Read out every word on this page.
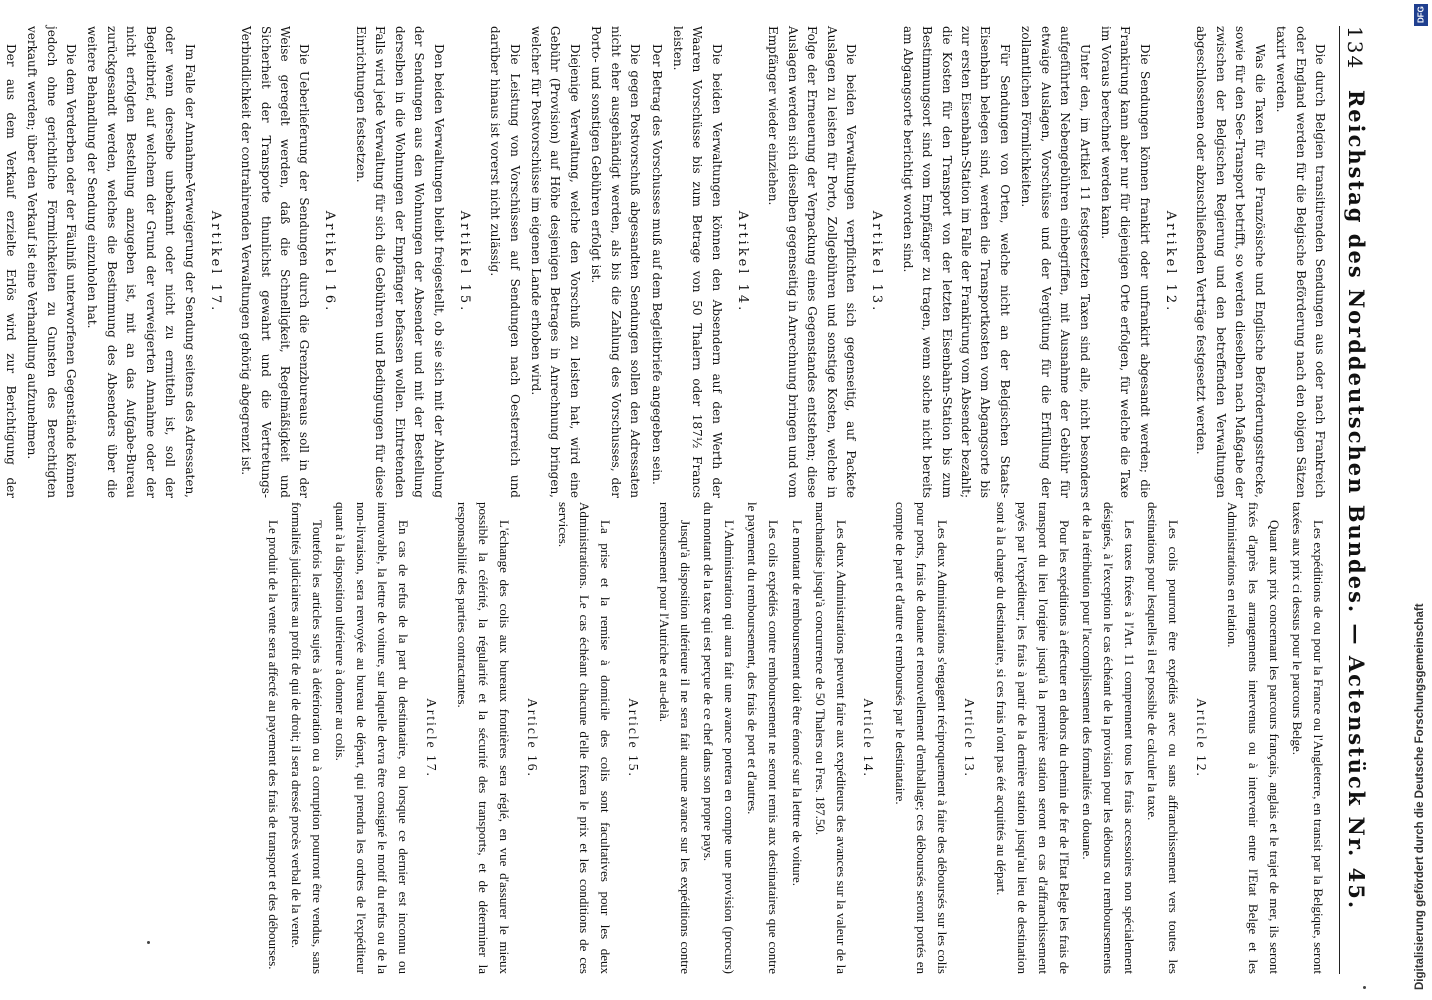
134
Reichstag des Norddeutschen Bundes. — Actenstück Nr. 45.

Die durch Belgien transitirenden Sendungen aus oder nach Frankreich oder England werden für die Belgische Beförderung nach den obigen Sätzen taxirt werden.

Was die Taxen für die Französische und Englische Beförderungsstrecke, sowie für den See-Transport betrifft, so werden dieselben nach Maßgabe der zwischen der Belgischen Regierung und den betreffenden Verwaltungen abgeschlossenen oder abzuschließenden Verträge festgesetzt werden.

Artikel 12.

Die Sendungen können frankirt oder unfrankirt abgesandt werden; die Frankirung kann aber nur für diejenigen Orte erfolgen, für welche die Taxe im Voraus berechnet werden kann.

Unter den, im Artikel 11 festgesetzten Taxen sind alle, nicht besonders aufgeführten Nebengebühren einbegriffen, mit Ausnahme der Gebühr für etwaige Auslagen, Vorschüsse und der Vergütung für die Erfüllung der zollamtlichen Förmlichkeiten.

Für Sendungen von Orten, welche nicht an der Belgischen Staats-Eisenbahn belegen sind, werden die Transportkosten vom Abgangsorte bis zur ersten Eisenbahn-Station im Falle der Frankirung vom Absender bezahlt; die Kosten für den Transport von der letzten Eisenbahn-Station bis zum Bestimmungsort sind vom Empfänger zu tragen, wenn solche nicht bereits am Abgangsorte berichtigt worden sind.

Artikel 13.

Die beiden Verwaltungen verpflichten sich gegenseitig, auf Packete Auslagen zu leisten für Porto, Zollgebühren und sonstige Kosten, welche in Folge der Erneuerung der Verpackung eines Gegenstandes entstehen; diese Auslagen werden sich dieselben gegenseitig in Anrechnung bringen und vom Empfänger wieder einziehen.

Artikel 14.

Die beiden Verwaltungen können den Absendern auf den Werth der Waaren Vorschüsse bis zum Betrage von 50 Thalern oder 187½ Francs leisten.

Der Betrag des Vorschusses muß auf dem Begleitbriefe angegeben sein.

Die gegen Postvorschuß abgesandten Sendungen sollen den Adressaten nicht eher ausgehändigt werden, als bis die Zahlung des Vorschusses, der Porto- und sonstigen Gebühren erfolgt ist.

Diejenige Verwaltung, welche den Vorschuß zu leisten hat, wird eine Gebühr (Provision) auf Höhe desjenigen Betrages in Anrechnung bringen, welcher für Postvorschüsse im eigenen Lande erhoben wird.

Die Leistung von Vorschüssen auf Sendungen nach Oesterreich und darüber hinaus ist vorerst nicht zulässig.

Artikel 15.

Den beiden Verwaltungen bleibt freigestellt, ob sie sich mit der Abholung der Sendungen aus den Wohnungen der Absender und mit der Bestellung derselben in die Wohnungen der Empfänger befassen wollen. Eintretenden Falls wird jede Verwaltung für sich die Gebühren und Bedingungen für diese Einrichtungen festsetzen.

Artikel 16.

Die Ueberlieferung der Sendungen durch die Grenzbureaus soll in der Weise geregelt werden, daß die Schnelligkeit, Regelmäßigkeit und Sicherheit der Transporte thunlichst gewahrt und die Vertretungs-Verbindlichkeit der contrahirenden Verwaltungen gehörig abgegrenzt ist.

Artikel 17.

Im Falle der Annahme-Verweigerung der Sendung seitens des Adressaten, oder wenn derselbe unbekannt oder nicht zu ermitteln ist, soll der Begleitbrief, auf welchem der Grund der verweigerten Annahme oder der nicht erfolgten Bestellung anzugeben ist, mit an das Aufgabe-Bureau zurückgesandt werden, welches die Bestimmung des Absenders über die weitere Behandlung der Sendung einzuholen hat.

Die dem Verderben oder der Fäulniß unterworfenen Gegenstände können jedoch ohne gerichtliche Förmlichkeiten zu Gunsten des Berechtigten verkauft werden; über den Verkauf ist eine Verhandlung aufzunehmen.

Der aus dem Verkauf erzielte Erlös wird zur Berichtigung der

Les expéditions de ou pour la France ou l'Angleterre, en transit par la Belgique, seront taxées aux prix ci dessus pour le parcours Belge.

Quant aux prix concernant les parcours français, anglais et le trajet de mer, ils seront fixés d'après les arrangements intervenus ou à intervenir entre l'Etat Belge et les Administrations en relation.

Article 12.

Les colis pourront être expédiés avec ou sans affranchissement vers toutes les destinations pour lesquelles il est possible de calculer la taxe.

Les taxes fixées à l'Art. 11 comprennent tous les frais accessoires non spécialement désignés, à l'exception le cas échéant de la provision pour les débours ou remboursements et de la rétribution pour l'accomplissement des formalités en douane.

Pour les expéditions à effectuer en dehors du chemin de fer de l'Etat Belge les frais de transport du lieu l'origine jusqu'à la première station seront en cas d'affranchissement payés par l'expéditeur; les frais à partir de la dernière station jusqu'au lieu de destination sont à la charge du destinataire, si ces frais n'ont pas été acquittés au départ.

Article 13.

Les deux Administrations s'engagent réciproquement à faire des déboursés sur les colis pour ports, frais de douane et renouvellement d'emballage; ces déboursés seront portés en compte de part et d'autre et remboursés par le destinataire.

Article 14.

Les deux Administrations peuvent faire aux expéditeurs des avances sur la valeur de la marchandise jusqu'à concurrence de 50 Thalers ou Fres. 187.50.

Le montant de remboursement doit être énoncé sur la lettre de voiture.

Les colis expédiés contre remboursement ne seront remis aux destinataires que contre le payement du remboursement, des frais de port et d'autres.

L'Administration qui aura fait une avance portera en compte une provision (procurs) du montant de la taxe qui est perçue de ce chef dans son propre pays.

Jusqu'à disposition ultérieure il ne sera fait aucune avance sur les expéditions contre remboursement pour l'Autriche et au-delà.

Article 15.

La prise et la remise à domicile des colis sont facultatives pour les deux Administrations. Le cas échéant chacune d'elle fixera le prix et les conditions de ces services.

Article 16.

L'échange des colis aux bureaux frontières sera réglé, en vue d'assurer le mieux possible la célérité, la régularité et la sécurité des transports, et de déterminer la responsabilité des parties contractantes.

Article 17.

En cas de refus de la part du destinataire, ou lorsque ce dernier est inconnu ou introuvable, la lettre de voiture, sur laquelle devra être consigné le motif du refus ou de la non-livraison, sera renvoyée au bureau de départ, qui prendra les ordres de l'expéditeur quant à la disposition ultérieure à donner au colis.

Toutefois les articles sujets à détérioration ou à corruption pourront être vendus, sans formalités judiciaires au profit de qui de droit; il sera dressé procès verbal de la vente.

Le produit de la vente sera affecté au payement des frais de transport et des débourses.

DFG
Digitalisierung gefördert durch die Deutsche Forschungsgemeinschaft
